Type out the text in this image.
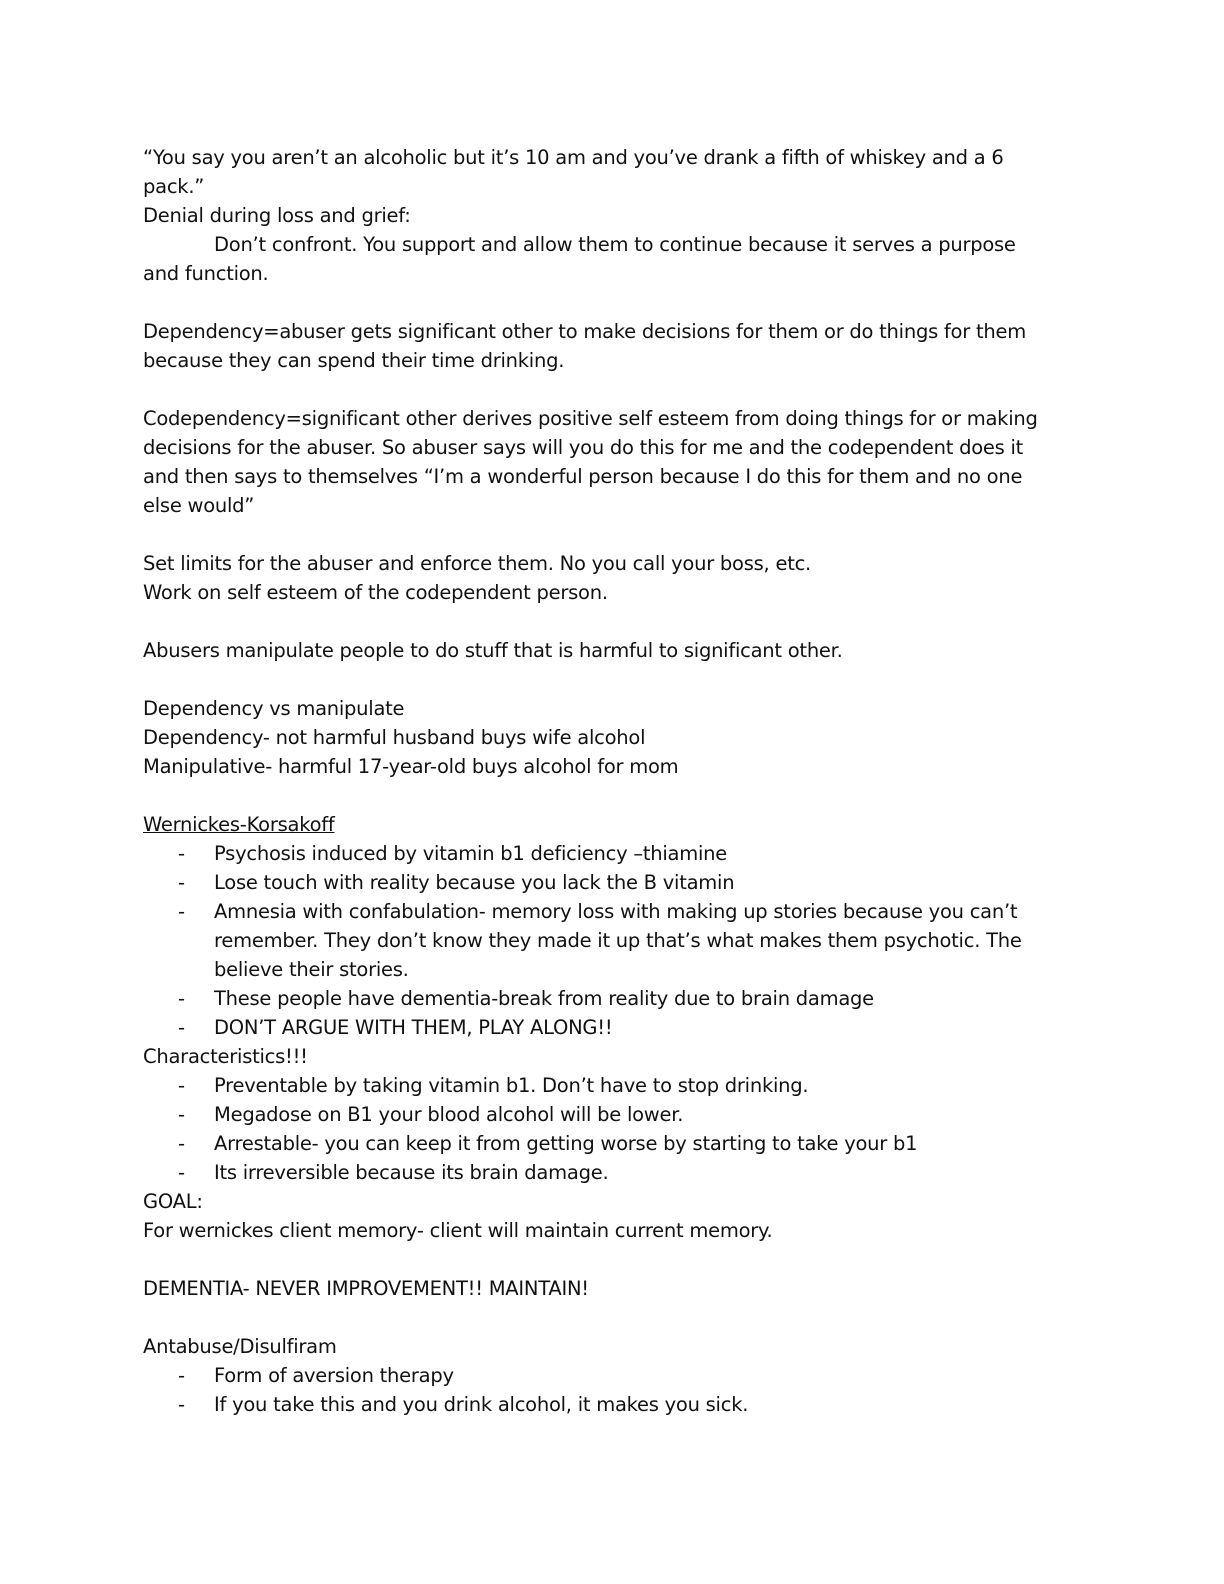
“You say you aren’t an alcoholic but it’s 10 am and you’ve drank a fifth of whiskey and a 6 pack.”
Denial during loss and grief:
Don’t confront. You support and allow them to continue because it serves a purpose and function.
Dependency=abuser gets significant other to make decisions for them or do things for them because they can spend their time drinking.
Codependency=significant other derives positive self esteem from doing things for or making decisions for the abuser. So abuser says will you do this for me and the codependent does it and then says to themselves “I’m a wonderful person because I do this for them and no one else would”
Set limits for the abuser and enforce them. No you call your boss, etc.
Work on self esteem of the codependent person.
Abusers manipulate people to do stuff that is harmful to significant other.
Dependency vs manipulate
Dependency- not harmful husband buys wife alcohol
Manipulative- harmful 17-year-old buys alcohol for mom
Wernickes-Korsakoff
- Psychosis induced by vitamin b1 deficiency –thiamine
- Lose touch with reality because you lack the B vitamin
- Amnesia with confabulation- memory loss with making up stories because you can’t remember. They don’t know they made it up that’s what makes them psychotic. The believe their stories.
- These people have dementia-break from reality due to brain damage
- DON’T ARGUE WITH THEM, PLAY ALONG!!
Characteristics!!!
- Preventable by taking vitamin b1. Don’t have to stop drinking.
- Megadose on B1 your blood alcohol will be lower.
- Arrestable- you can keep it from getting worse by starting to take your b1
- Its irreversible because its brain damage.
GOAL:
For wernickes client memory- client will maintain current memory.
DEMENTIA- NEVER IMPROVEMENT!! MAINTAIN!
Antabuse/Disulfiram
- Form of aversion therapy
- If you take this and you drink alcohol, it makes you sick.
